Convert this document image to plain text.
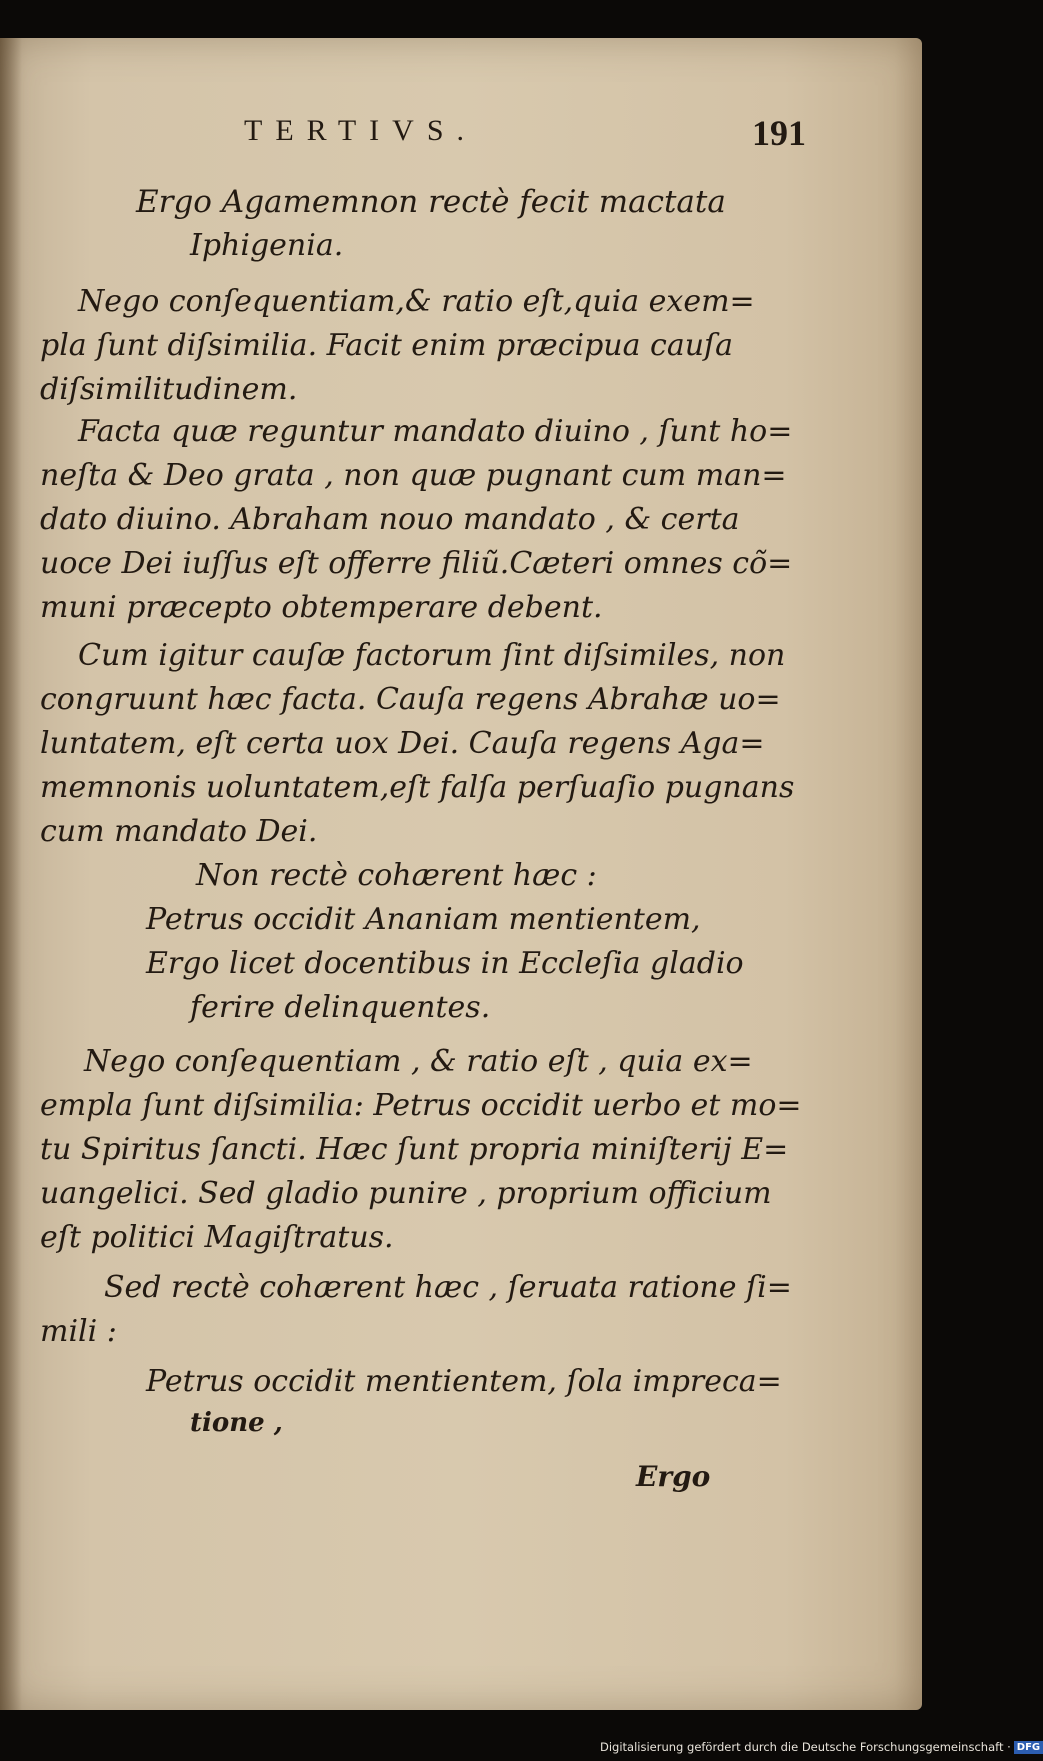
TERTIVS.	191
Ergo Agamemnon rectè fecit mactata
Iphigenia.
Nego conſequentiam,& ratio eſt,quia exem=
pla ſunt diſsimilia. Facit enim præcipua cauſa
diſsimilitudinem.
Facta quæ reguntur mandato diuino , ſunt ho=
neſta & Deo grata , non quæ pugnant cum man=
dato diuino. Abraham nouo mandato , & certa
uoce Dei iuſſus eſt offerre filiũ.Cæteri omnes cõ=
muni præcepto obtemperare debent.
Cum igitur cauſæ factorum ſint diſsimiles, non
congruunt hæc facta. Cauſa regens Abrahæ uo=
luntatem, eſt certa uox Dei. Cauſa regens Aga=
memnonis uoluntatem,eſt falſa perſuaſio pugnans
cum mandato Dei.
Non rectè cohærent hæc :
Petrus occidit Ananiam mentientem,
Ergo licet docentibus in Eccleſia gladio
ferire delinquentes.
Nego conſequentiam , & ratio eſt , quia ex=
empla ſunt diſsimilia: Petrus occidit uerbo et mo=
tu Spiritus ſancti. Hæc ſunt propria miniſterij E=
uangelici. Sed gladio punire , proprium officium
eſt politici Magiſtratus.
Sed rectè cohærent hæc , ſeruata ratione ſi=
mili :
Petrus occidit mentientem, ſola impreca=
tione ,
Ergo
Digitalisierung gefördert durch die Deutsche Forschungsgemeinschaft · DFG
